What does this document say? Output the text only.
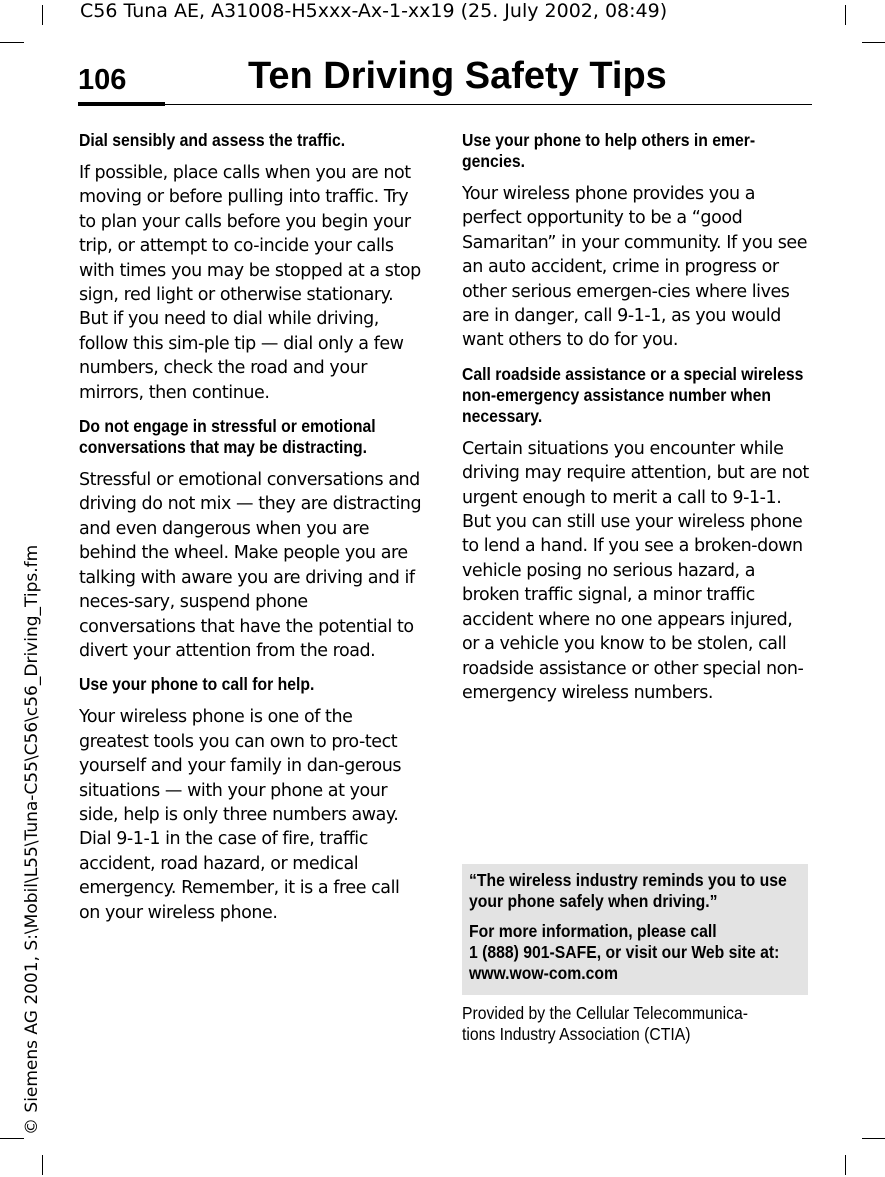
C56 Tuna AE, A31008-H5xxx-Ax-1-xx19 (25. July 2002, 08:49)
© Siemens AG 2001, S:\Mobil\L55\Tuna-C55\C56\c56_Driving_Tips.fm
106	Ten Driving Safety Tips
Dial sensibly and assess the traffic.
If possible, place calls when you are not moving or before pulling into traffic. Try to plan your calls before you begin your trip, or attempt to co-incide your calls with times you may be stopped at a stop sign, red light or otherwise stationary. But if you need to dial while driving, follow this sim-ple tip — dial only a few numbers, check the road and your mirrors, then continue.
Do not engage in stressful or emotional conversations that may be distracting.
Stressful or emotional conversations and driving do not mix — they are distracting and even dangerous when you are behind the wheel. Make people you are talking with aware you are driving and if neces-sary, suspend phone conversations that have the potential to divert your attention from the road.
Use your phone to call for help.
Your wireless phone is one of the greatest tools you can own to pro-tect yourself and your family in dan-gerous situations — with your phone at your side, help is only three numbers away. Dial 9-1-1 in the case of fire, traffic accident, road hazard, or medical emergency. Remember, it is a free call on your wireless phone.
Use your phone to help others in emer-gencies.
Your wireless phone provides you a perfect opportunity to be a “good Samaritan” in your community. If you see an auto accident, crime in progress or other serious emergen-cies where lives are in danger, call 9-1-1, as you would want others to do for you.
Call roadside assistance or a special wireless non-emergency assistance number when necessary.
Certain situations you encounter while driving may require attention, but are not urgent enough to merit a call to 9-1-1. But you can still use your wireless phone to lend a hand. If you see a broken-down vehicle posing no serious hazard, a broken traffic signal, a minor traffic accident where no one appears injured, or a vehicle you know to be stolen, call roadside assistance or other special non-emergency wireless numbers.
“The wireless industry reminds you to use your phone safely when driving.”
For more information, please call
1 (888) 901-SAFE, or visit our Web site at: www.wow-com.com
Provided by the Cellular Telecommunica-tions Industry Association (CTIA)
